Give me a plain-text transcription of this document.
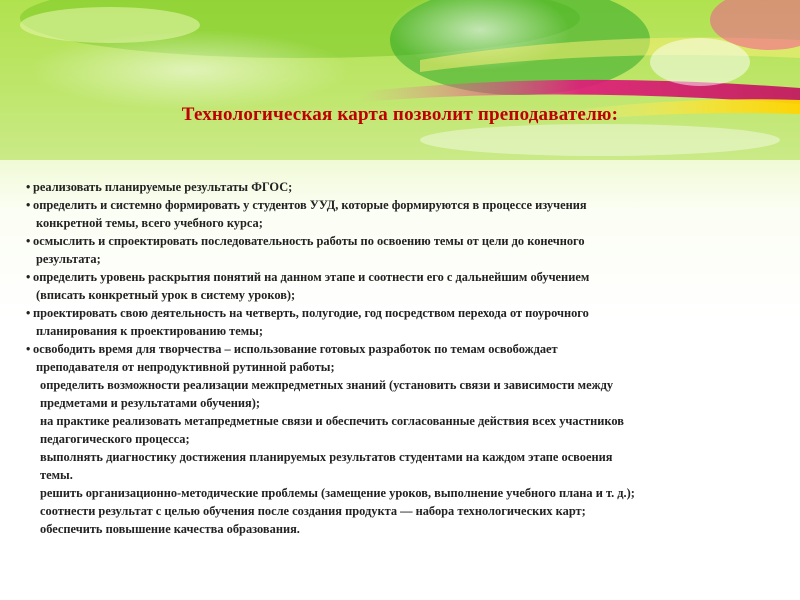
Технологическая карта позволит преподавателю:
• реализовать планируемые результаты ФГОС;
• определить и системно формировать у студентов УУД, которые формируются в процессе изучения
конкретной темы, всего учебного курса;
• осмыслить и спроектировать последовательность работы по освоению темы от цели до конечного
результата;
• определить уровень раскрытия понятий на данном этапе и соотнести его с дальнейшим обучением
(вписать конкретный урок в систему уроков);
• проектировать свою деятельность на четверть, полугодие, год посредством перехода от поурочного
планирования к проектированию темы;
• освободить время для творчества – использование готовых разработок по темам освобождает
преподавателя от непродуктивной рутинной работы;
определить возможности реализации межпредметных знаний (установить связи и зависимости между
предметами и результатами обучения);
на практике реализовать метапредметные связи и обеспечить согласованные действия всех участников
педагогического процесса;
выполнять диагностику достижения планируемых результатов студентами на каждом этапе освоения
темы.
решить организационно-методические проблемы (замещение уроков, выполнение учебного плана и т. д.);
соотнести результат с целью обучения после создания продукта — набора технологических карт;
обеспечить повышение качества образования.
